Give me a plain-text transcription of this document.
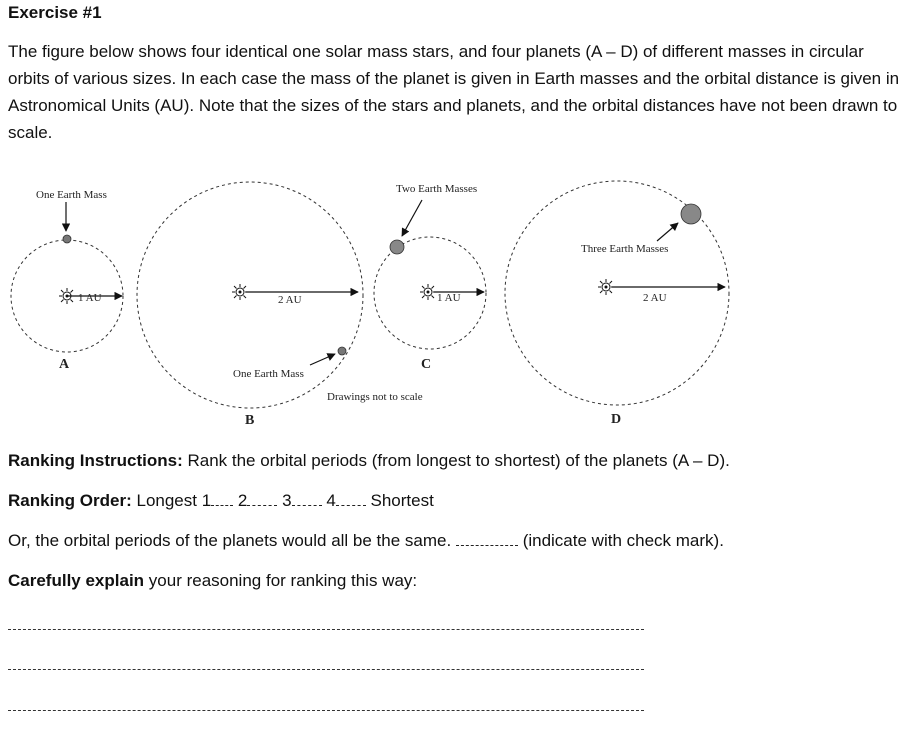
Exercise #1
The figure below shows four identical one solar mass stars, and four planets (A – D) of different masses in circular orbits of various sizes. In each case the mass of the planet is given in Earth masses and the orbital distance is given in Astronomical Units (AU). Note that the sizes of the stars and planets, and the orbital distances have not been drawn to scale.
1 AU
One Earth Mass
A
2 AU
One Earth Mass
B
1 AU
Two Earth Masses
C
2 AU
Three Earth Masses
D
Drawings not to scale
Ranking Instructions: Rank the orbital periods (from longest to shortest) of the planets (A – D).
Ranking Order: Longest 1 2 3 4 Shortest
Or, the orbital periods of the planets would all be the same.	(indicate with check mark).
Carefully explain your reasoning for ranking this way:
